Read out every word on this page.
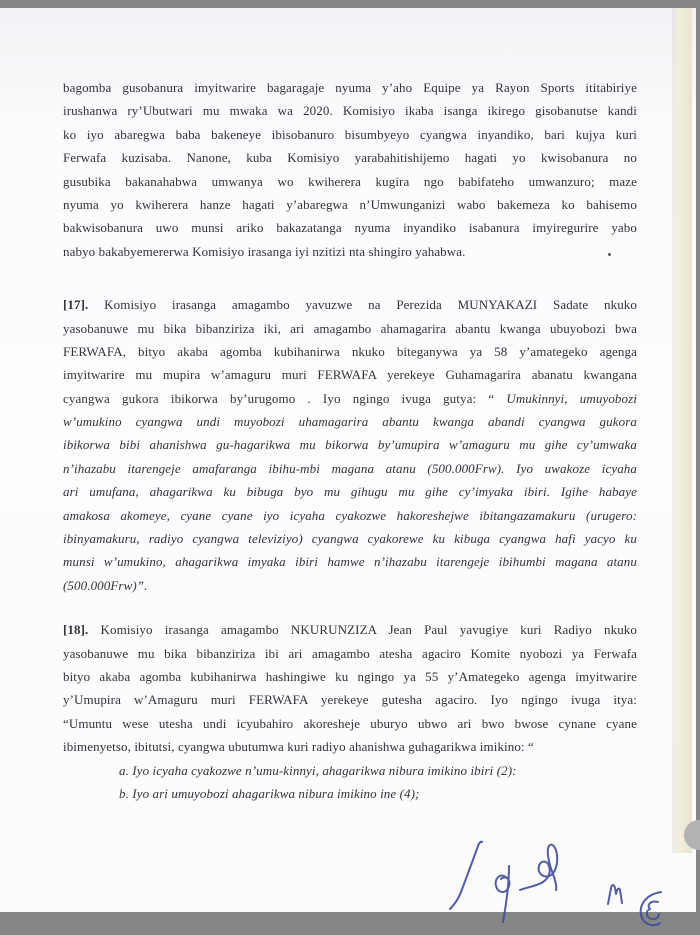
bagomba gusobanura imyitwarire bagaragaje nyuma y’aho Equipe ya Rayon Sports ititabiriye
irushanwa ry’Ubutwari mu mwaka wa 2020. Komisiyo ikaba isanga ikirego gisobanutse kandi
ko iyo abaregwa baba bakeneye ibisobanuro bisumbyeyo cyangwa inyandiko, bari kujya kuri
Ferwafa kuzisaba. Nanone, kuba Komisiyo yarabahitishijemo hagati yo kwisobanura no
gusubika bakanahabwa umwanya wo kwiherera kugira ngo babifateho umwanzuro; maze
nyuma yo kwiherera hanze hagati y’abaregwa n’Umwunganizi wabo bakemeza ko bahisemo
bakwisobanura uwo munsi ariko bakazatanga nyuma inyandiko isabanura imyiregurire yabo
nabyo bakabyemererwa Komisiyo irasanga iyi nzitizi nta shingiro yahabwa.
[17]. Komisiyo irasanga amagambo yavuzwe na Perezida MUNYAKAZI Sadate nkuko
yasobanuwe mu bika bibanziriza iki, ari amagambo ahamagarira abantu kwanga ubuyobozi bwa
FERWAFA, bityo akaba agomba kubihanirwa nkuko biteganywa ya 58 y’amategeko agenga
imyitwarire mu mupira w’amaguru muri FERWAFA yerekeye Guhamagarira abanatu kwangana
cyangwa gukora ibikorwa by’urugomo . Iyo ngingo ivuga gutya: “ Umukinnyi, umuyobozi
w’umukino cyangwa undi muyobozi uhamagarira abantu kwanga abandi cyangwa gukora
ibikorwa bibi ahanishwa gu-hagarikwa mu bikorwa by’umupira w’amaguru mu gihe cy’umwaka
n’ihazabu itarengeje amafaranga ibihu-mbi magana atanu (500.000Frw). Iyo uwakoze icyaha
ari umufana, ahagarikwa ku bibuga byo mu gihugu mu gihe cy’imyaka ibiri. Igihe habaye
amakosa akomeye, cyane cyane iyo icyaha cyakozwe hakoreshejwe ibitangazamakuru (urugero:
ibinyamakuru, radiyo cyangwa televiziyo) cyangwa cyakorewe ku kibuga cyangwa hafi yacyo ku
munsi w’umukino, ahagarikwa imyaka ibiri hamwe n’ihazabu itarengeje ibihumbi magana atanu
(500.000Frw)”.
[18]. Komisiyo irasanga amagambo NKURUNZIZA Jean Paul yavugiye kuri Radiyo nkuko
yasobanuwe mu bika bibanziriza ibi ari amagambo atesha agaciro Komite nyobozi ya Ferwafa
bityo akaba agomba kubihanirwa hashingiwe ku ngingo ya 55 y’Amategeko agenga imyitwarire
y’Umupira w’Amaguru muri FERWAFA yerekeye gutesha agaciro. Iyo ngingo ivuga itya:
“Umuntu wese utesha undi icyubahiro akoresheje uburyo ubwo ari bwo bwose cynane cyane
ibimenyetso, ibitutsi, cyangwa ubutumwa kuri radiyo ahanishwa guhagarikwa imikino: “
a. Iyo icyaha cyakozwe n’umu-kinnyi, ahagarikwa nibura imikino ibiri (2):
b. Iyo ari umuyobozi ahagarikwa nibura imikino ine (4);
